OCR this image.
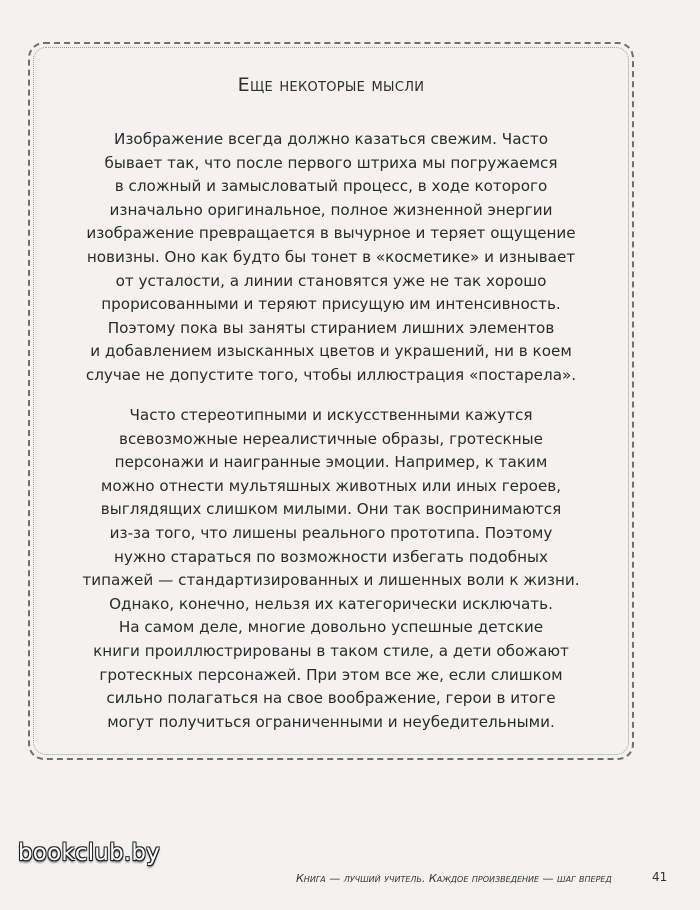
Еще некоторые мысли

Изображение всегда должно казаться свежим. Часто
бывает так, что после первого штриха мы погружаемся
в сложный и замысловатый процесс, в ходе которого
изначально оригинальное, полное жизненной энергии
изображение превращается в вычурное и теряет ощущение
новизны. Оно как будто бы тонет в «косметике» и изнывает
от усталости, а линии становятся уже не так хорошо
прорисованными и теряют присущую им интенсивность.
Поэтому пока вы заняты стиранием лишних элементов
и добавлением изысканных цветов и украшений, ни в коем
случае не допустите того, чтобы иллюстрация «постарела».

Часто стереотипными и искусственными кажутся
всевозможные нереалистичные образы, гротескные
персонажи и наигранные эмоции. Например, к таким
можно отнести мультяшных животных или иных героев,
выглядящих слишком милыми. Они так воспринимаются
из-за того, что лишены реального прототипа. Поэтому
нужно стараться по возможности избегать подобных
типажей — стандартизированных и лишенных воли к жизни.
Однако, конечно, нельзя их категорически исключать.
На самом деле, многие довольно успешные детские
книги проиллюстрированы в таком стиле, а дети обожают
гротескных персонажей. При этом все же, если слишком
сильно полагаться на свое воображение, герои в итоге
могут получиться ограниченными и неубедительными.

bookclub.by
Книга — лучший учитель. Каждое произведение — шаг вперед	41
